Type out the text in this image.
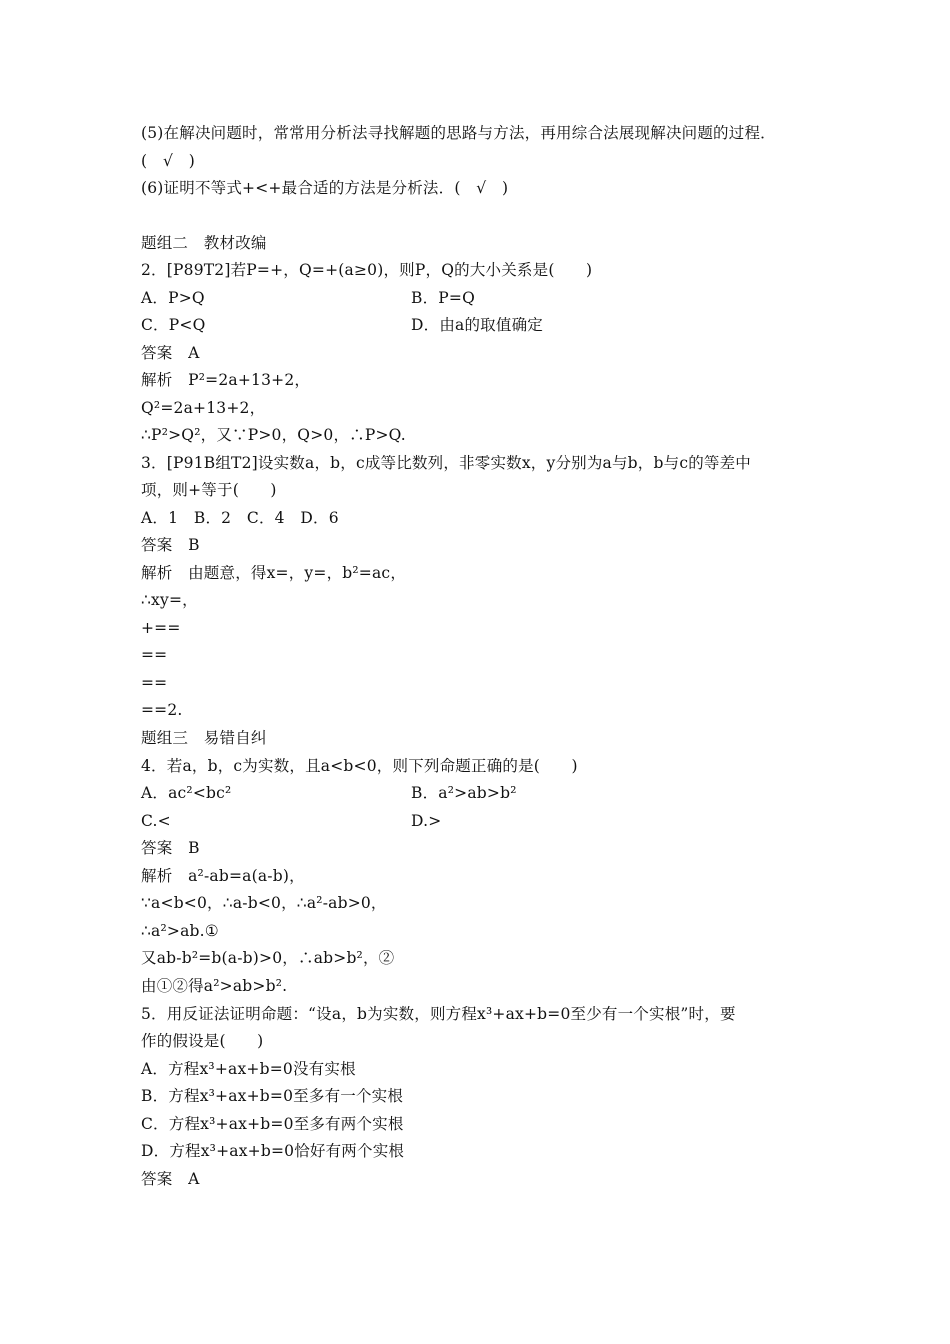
(5)在解决问题时，常常用分析法寻找解题的思路与方法，再用综合法展现解决问题的过程．
(　√　)
(6)证明不等式+<+最合适的方法是分析法．(　√　)
题组二　教材改编
2．[P89T2]若P=+，Q=+(a≥0)，则P，Q的大小关系是(　　)
A．P>Q	B．P=Q
C．P<Q	D．由a的取值确定
答案　A
解析　P²=2a+13+2，
Q²=2a+13+2，
∴P²>Q²，又∵P>0，Q>0，∴P>Q.
3．[P91B组T2]设实数a，b，c成等比数列，非零实数x，y分别为a与b，b与c的等差中
项，则+等于(　　)
A．1　B．2　C．4　D．6
答案　B
解析　由题意，得x=，y=，b²=ac，
∴xy=，
+==
==
==
==2.
题组三　易错自纠
4．若a，b，c为实数，且a<b<0，则下列命题正确的是(　　)
A．ac²<bc²	B．a²>ab>b²
C.<	D.>
答案　B
解析　a²-ab=a(a-b)，
∵a<b<0，∴a-b<0，∴a²-ab>0，
∴a²>ab.①
又ab-b²=b(a-b)>0，∴ab>b²，②
由①②得a²>ab>b².
5．用反证法证明命题：“设a，b为实数，则方程x³+ax+b=0至少有一个实根”时，要
作的假设是(　　)
A．方程x³+ax+b=0没有实根
B．方程x³+ax+b=0至多有一个实根
C．方程x³+ax+b=0至多有两个实根
D．方程x³+ax+b=0恰好有两个实根
答案　A
